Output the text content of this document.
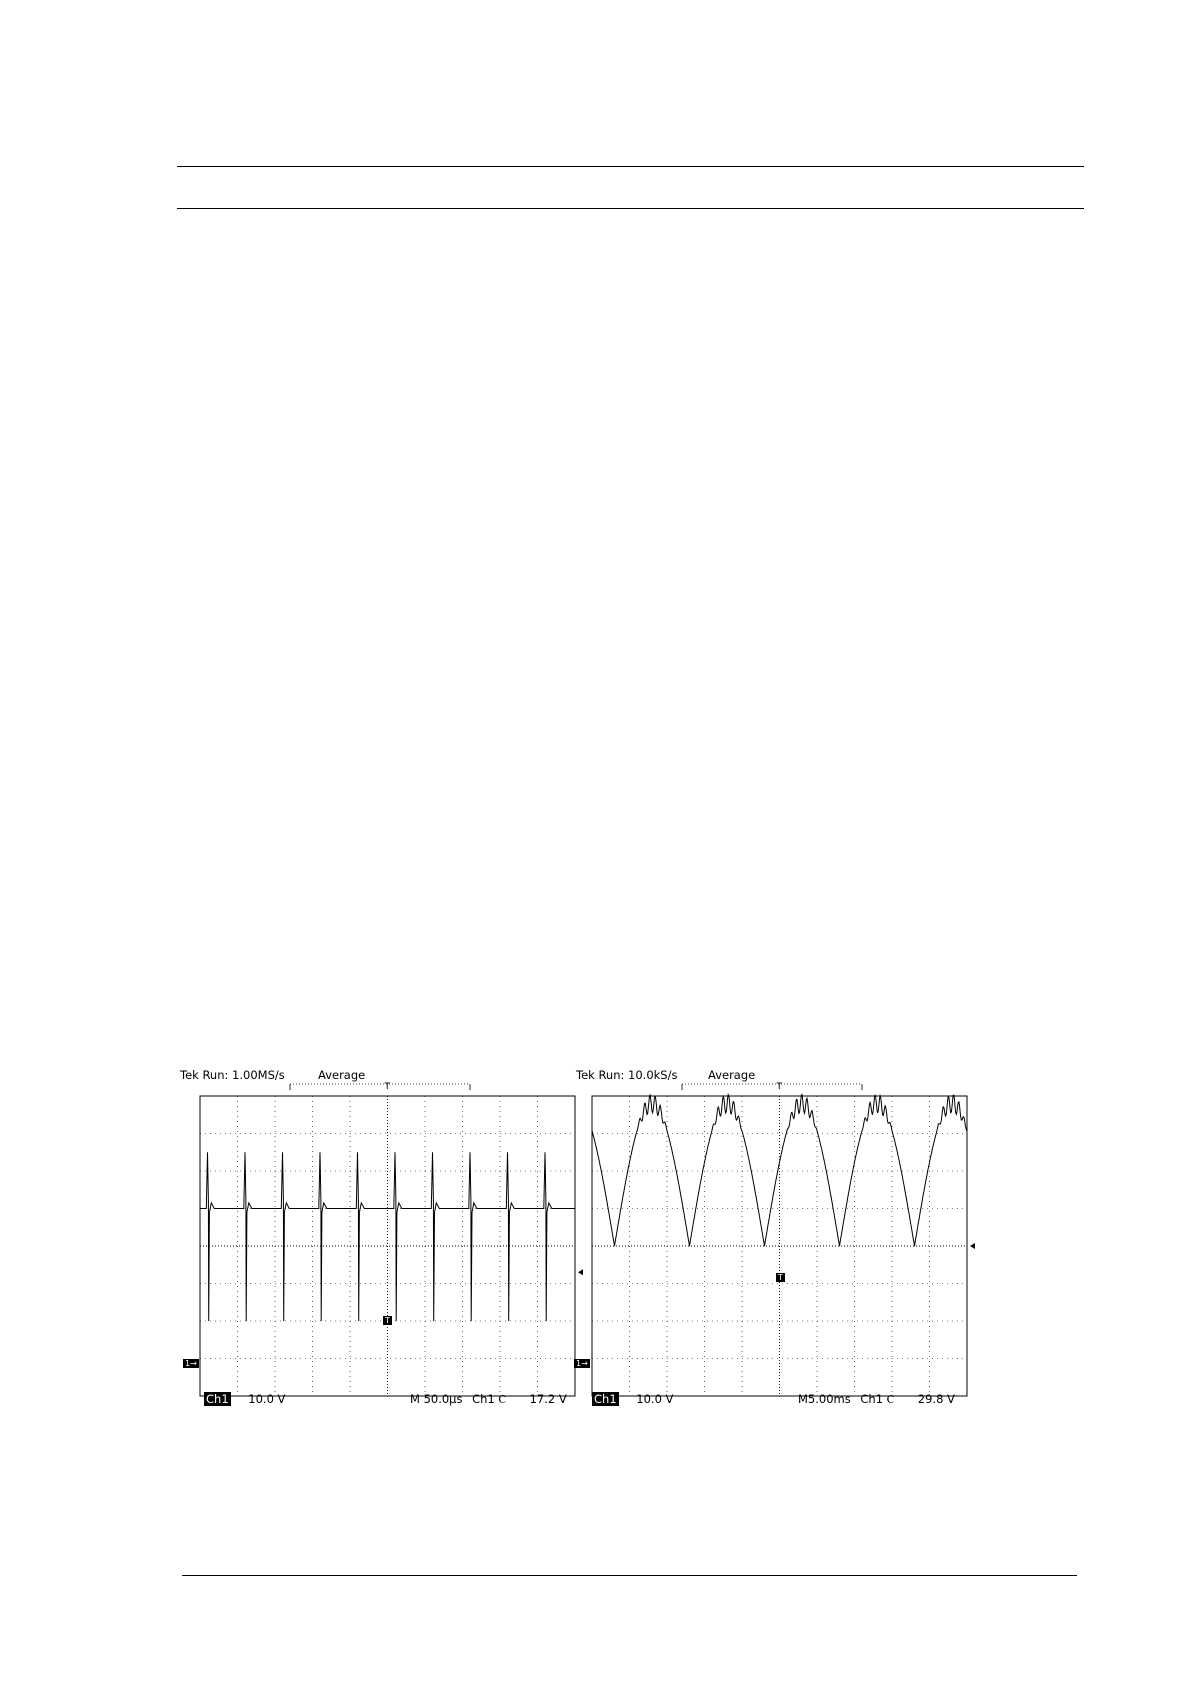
Tek Run: 1.00MS/s	Average
T
Ch1 10.0 V	M 50.0µs Ch1 Ⲥ 17.2 V
1→
T
Tek Run: 10.0kS/s	Average
T
Ch1 10.0 V	M5.00ms Ch1 Ⲥ 29.8 V
1→
T
